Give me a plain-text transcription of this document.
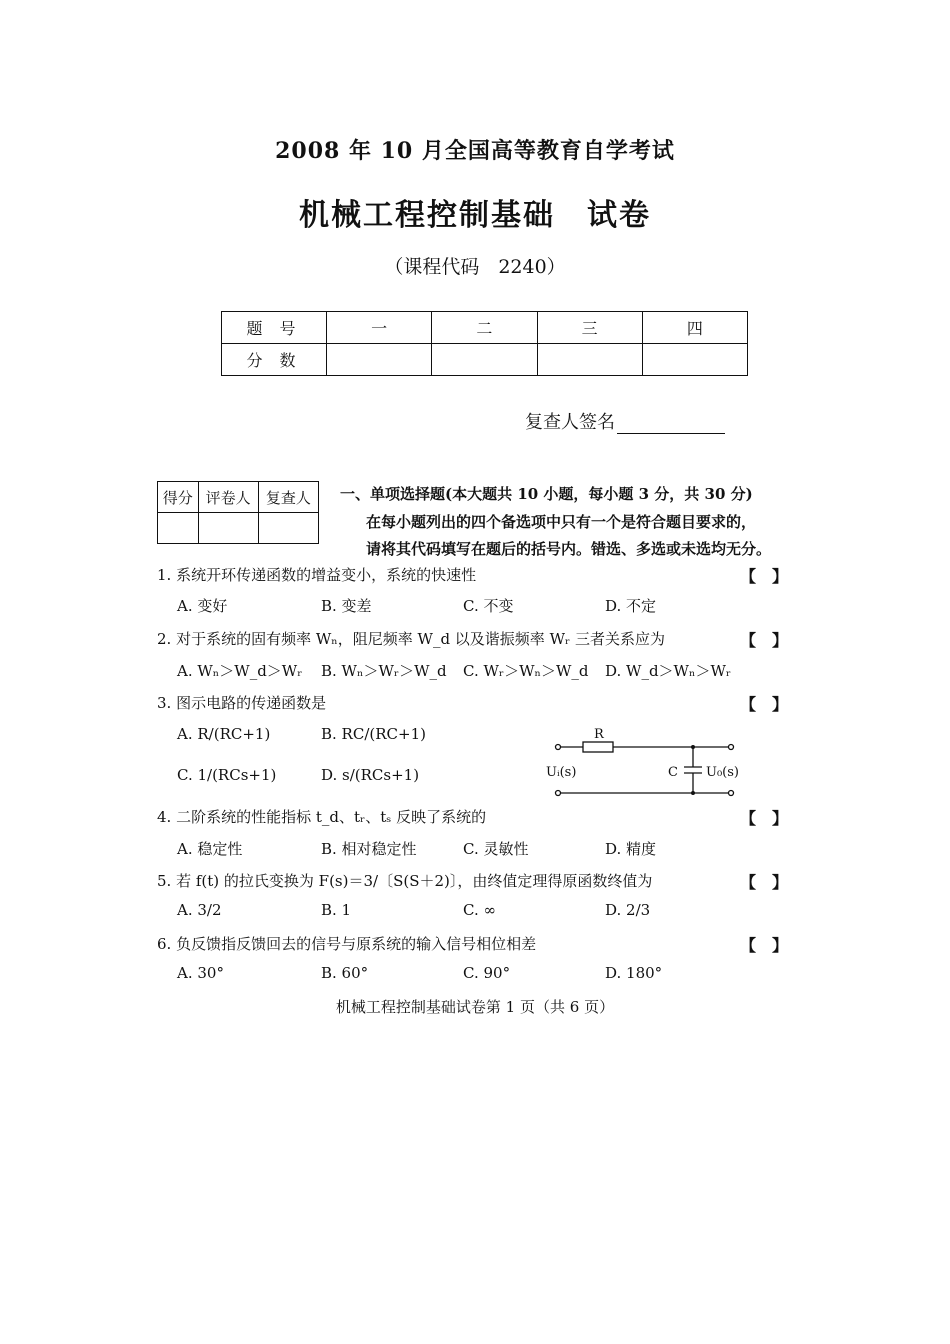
2008 年 10 月全国高等教育自学考试
机械工程控制基础　试卷
（课程代码　2240）
题 号	一	二	三	四
分 数				
复查人签名
得分	评卷人	复查人
		一、单项选择题(本大题共 10 小题，每小题 3 分，共 30 分)
在每小题列出的四个备选项中只有一个是符合题目要求的，
请将其代码填写在题后的括号内。错选、多选或未选均无分。
1. 系统开环传递函数的增益变小，系统的快速性	【　】
A. 变好	B. 变差	C. 不变	D. 不定
2. 对于系统的固有频率 Wₙ，阻尼频率 W_d 以及谐振频率 Wᵣ 三者关系应为	【　】
A. Wₙ＞W_d＞Wᵣ B. Wₙ＞Wᵣ＞W_d C. Wᵣ＞Wₙ＞W_d D. W_d＞Wₙ＞Wᵣ
3. 图示电路的传递函数是	【　】
A. R/(RC+1)	B. RC/(RC+1)
C. 1/(RCs+1)	D. s/(RCs+1)
R
C
Uᵢ(s)	U₀(s)
4. 二阶系统的性能指标 t_d、tᵣ、tₛ 反映了系统的	【　】
A. 稳定性	B. 相对稳定性	C. 灵敏性	D. 精度
5. 若 f(t) 的拉氏变换为 F(s)＝3/〔S(S＋2)〕，由终值定理得原函数终值为	【　】
A. 3/2	B. 1	C. ∞	D. 2/3
6. 负反馈指反馈回去的信号与原系统的输入信号相位相差	【　】
A. 30°	B. 60°	C. 90°	D. 180°
机械工程控制基础试卷第 1 页（共 6 页）
